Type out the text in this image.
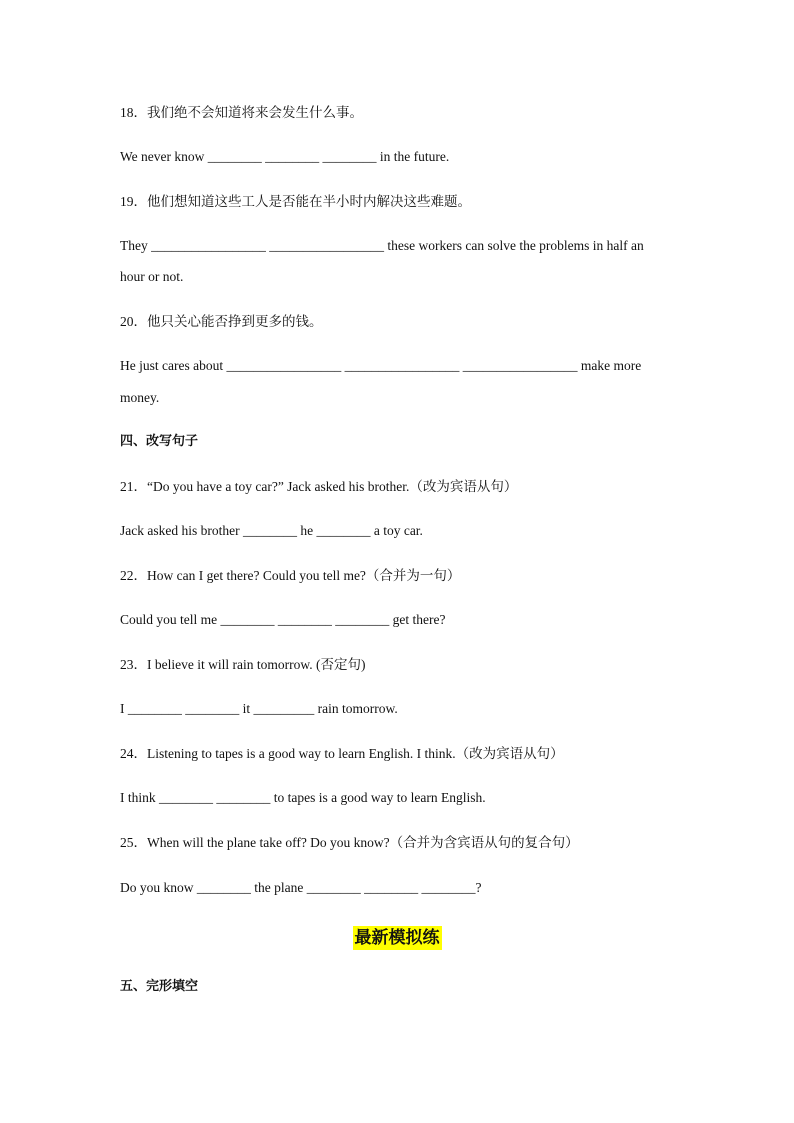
18．我们绝不会知道将来会发生什么事。
We never know ________ ________ ________ in the future.
19．他们想知道这些工人是否能在半小时内解决这些难题。
They _________________ _________________ these workers can solve the problems in half an
hour or not.
20．他只关心能否挣到更多的钱。
He just cares about _________________ _________________ _________________ make more
money.
四、改写句子
21．“Do you have a toy car?” Jack asked his brother.（改为宾语从句）
Jack asked his brother ________ he ________ a toy car.
22．How can I get there? Could you tell me?（合并为一句）
Could you tell me ________ ________ ________ get there?
23．I believe it will rain tomorrow. (否定句)
I ________ ________ it _________ rain tomorrow.
24．Listening to tapes is a good way to learn English. I think.（改为宾语从句）
I think ________ ________ to tapes is a good way to learn English.
25．When will the plane take off? Do you know?（合并为含宾语从句的复合句）
Do you know ________ the plane ________ ________ ________?
最新模拟练
五、完形填空
